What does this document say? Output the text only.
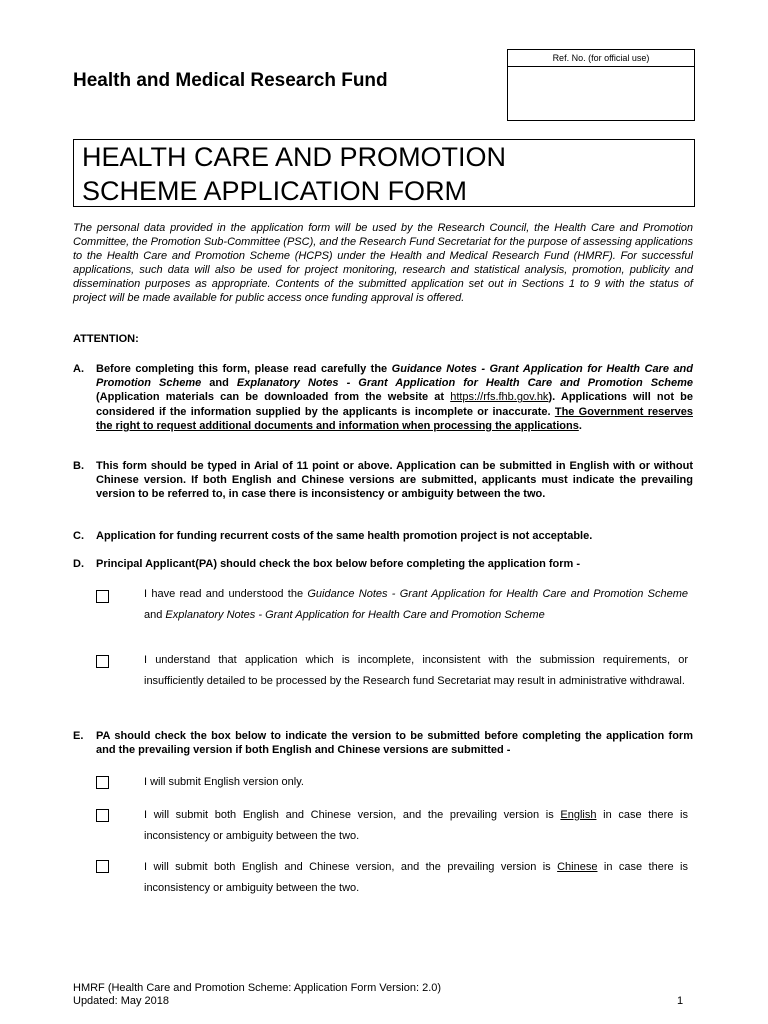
Health and Medical Research Fund
Ref. No. (for official use)
HEALTH CARE AND PROMOTION
SCHEME APPLICATION FORM
The personal data provided in the application form will be used by the Research Council, the Health Care and Promotion Committee, the Promotion Sub-Committee (PSC), and the Research Fund Secretariat for the purpose of assessing applications to the Health Care and Promotion Scheme (HCPS) under the Health and Medical Research Fund (HMRF). For successful applications, such data will also be used for project monitoring, research and statistical analysis, promotion, publicity and dissemination purposes as appropriate. Contents of the submitted application set out in Sections 1 to 9 with the status of project will be made available for public access once funding approval is offered.
ATTENTION:
A. Before completing this form, please read carefully the Guidance Notes - Grant Application for Health Care and Promotion Scheme and Explanatory Notes - Grant Application for Health Care and Promotion Scheme (Application materials can be downloaded from the website at https://rfs.fhb.gov.hk). Applications will not be considered if the information supplied by the applicants is incomplete or inaccurate. The Government reserves the right to request additional documents and information when processing the applications.
B. This form should be typed in Arial of 11 point or above. Application can be submitted in English with or without Chinese version. If both English and Chinese versions are submitted, applicants must indicate the prevailing version to be referred to, in case there is inconsistency or ambiguity between the two.
C. Application for funding recurrent costs of the same health promotion project is not acceptable.
D. Principal Applicant(PA) should check the box below before completing the application form -
I have read and understood the Guidance Notes - Grant Application for Health Care and Promotion Scheme and Explanatory Notes - Grant Application for Health Care and Promotion Scheme
I understand that application which is incomplete, inconsistent with the submission requirements, or insufficiently detailed to be processed by the Research fund Secretariat may result in administrative withdrawal.
E. PA should check the box below to indicate the version to be submitted before completing the application form and the prevailing version if both English and Chinese versions are submitted -
I will submit English version only.
I will submit both English and Chinese version, and the prevailing version is English in case there is inconsistency or ambiguity between the two.
I will submit both English and Chinese version, and the prevailing version is Chinese in case there is inconsistency or ambiguity between the two.
HMRF (Health Care and Promotion Scheme: Application Form Version: 2.0)
Updated: May 2018	1
